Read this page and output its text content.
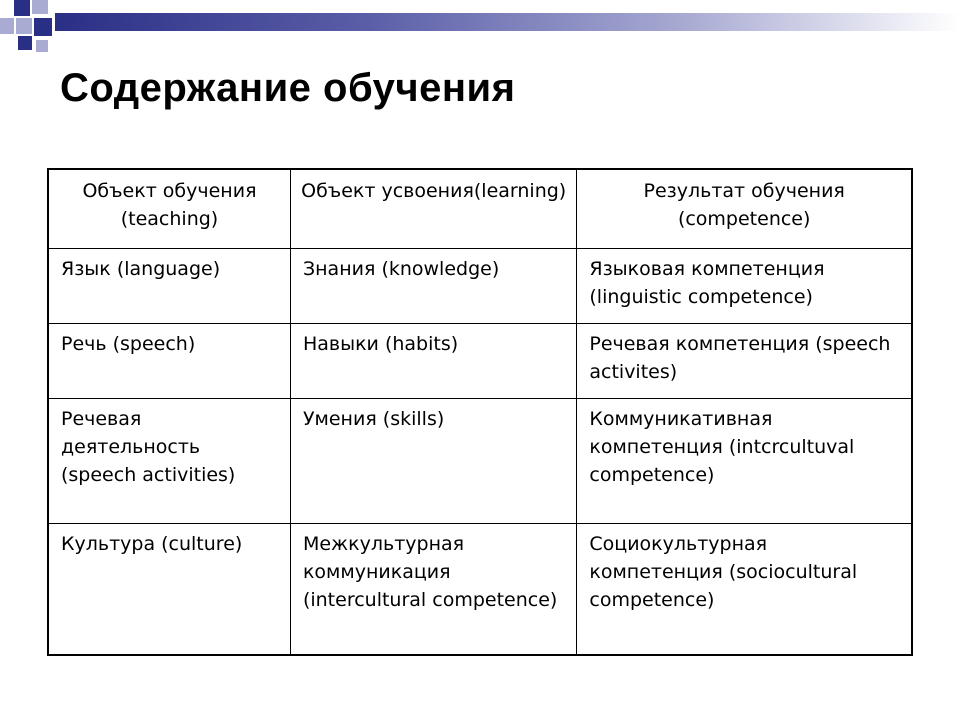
Содержание обучения
Объект обучения (teaching)	Объект усвоения(learning)	Результат обучения (competence)
Язык (language)	Знания (knowledge)	Языковая компетенция (linguistic competence)
Речь (speech)	Навыки (habits)	Речевая компетенция (speech activites)
Речевая деятельность (speech activities)	Умения (skills)	Коммуникативная компетенция (intcrcultuval competence)
Культура (culture)	Межкультурная коммуникация (intercultural competence)	Социокультурная компетенция (sociocultural competence)
